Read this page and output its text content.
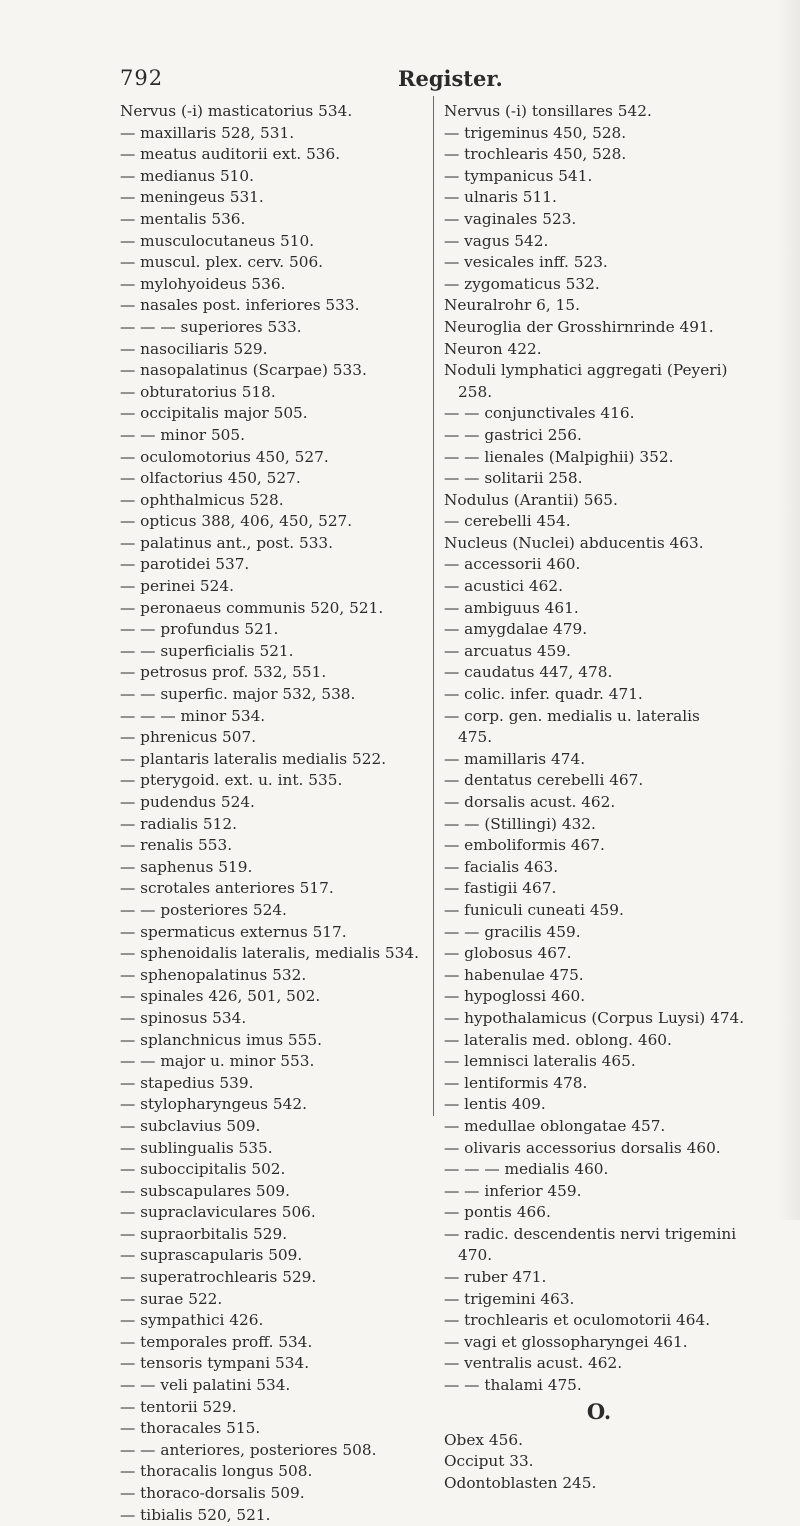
792	Register.
Nervus (-i) masticatorius 534.
— maxillaris 528, 531.
— meatus auditorii ext. 536.
— medianus 510.
— meningeus 531.
— mentalis 536.
— musculocutaneus 510.
— muscul. plex. cerv. 506.
— mylohyoideus 536.
— nasales post. inferiores 533.
— — — superiores 533.
— nasociliaris 529.
— nasopalatinus (Scarpae) 533.
— obturatorius 518.
— occipitalis major 505.
— — minor 505.
— oculomotorius 450, 527.
— olfactorius 450, 527.
— ophthalmicus 528.
— opticus 388, 406, 450, 527.
— palatinus ant., post. 533.
— parotidei 537.
— perinei 524.
— peronaeus communis 520, 521.
— — profundus 521.
— — superficialis 521.
— petrosus prof. 532, 551.
— — superfic. major 532, 538.
— — — minor 534.
— phrenicus 507.
— plantaris lateralis medialis 522.
— pterygoid. ext. u. int. 535.
— pudendus 524.
— radialis 512.
— renalis 553.
— saphenus 519.
— scrotales anteriores 517.
— — posteriores 524.
— spermaticus externus 517.
— sphenoidalis lateralis, medialis 534.
— sphenopalatinus 532.
— spinales 426, 501, 502.
— spinosus 534.
— splanchnicus imus 555.
— — major u. minor 553.
— stapedius 539.
— stylopharyngeus 542.
— subclavius 509.
— sublingualis 535.
— suboccipitalis 502.
— subscapulares 509.
— supraclaviculares 506.
— supraorbitalis 529.
— suprascapularis 509.
— superatrochlearis 529.
— surae 522.
— sympathici 426.
— temporales proff. 534.
— tensoris tympani 534.
— — veli palatini 534.
— tentorii 529.
— thoracales 515.
— — anteriores, posteriores 508.
— thoracalis longus 508.
— thoraco-dorsalis 509.
— tibialis 520, 521.
Nervus (-i) tonsillares 542.
— trigeminus 450, 528.
— trochlearis 450, 528.
— tympanicus 541.
— ulnaris 511.
— vaginales 523.
— vagus 542.
— vesicales inff. 523.
— zygomaticus 532.
Neuralrohr 6, 15.
Neuroglia der Grosshirnrinde 491.
Neuron 422.
Noduli lymphatici aggregati (Peyeri)
258.
— — conjunctivales 416.
— — gastrici 256.
— — lienales (Malpighii) 352.
— — solitarii 258.
Nodulus (Arantii) 565.
— cerebelli 454.
Nucleus (Nuclei) abducentis 463.
— accessorii 460.
— acustici 462.
— ambiguus 461.
— amygdalae 479.
— arcuatus 459.
— caudatus 447, 478.
— colic. infer. quadr. 471.
— corp. gen. medialis u. lateralis
475.
— mamillaris 474.
— dentatus cerebelli 467.
— dorsalis acust. 462.
— — (Stillingi) 432.
— emboliformis 467.
— facialis 463.
— fastigii 467.
— funiculi cuneati 459.
— — gracilis 459.
— globosus 467.
— habenulae 475.
— hypoglossi 460.
— hypothalamicus (Corpus Luysi) 474.
— lateralis med. oblong. 460.
— lemnisci lateralis 465.
— lentiformis 478.
— lentis 409.
— medullae oblongatae 457.
— olivaris accessorius dorsalis 460.
— — — medialis 460.
— — inferior 459.
— pontis 466.
— radic. descendentis nervi trigemini
470.
— ruber 471.
— trigemini 463.
— trochlearis et oculomotorii 464.
— vagi et glossopharyngei 461.
— ventralis acust. 462.
— — thalami 475.
O.
Obex 456.
Occiput 33.
Odontoblasten 245.
